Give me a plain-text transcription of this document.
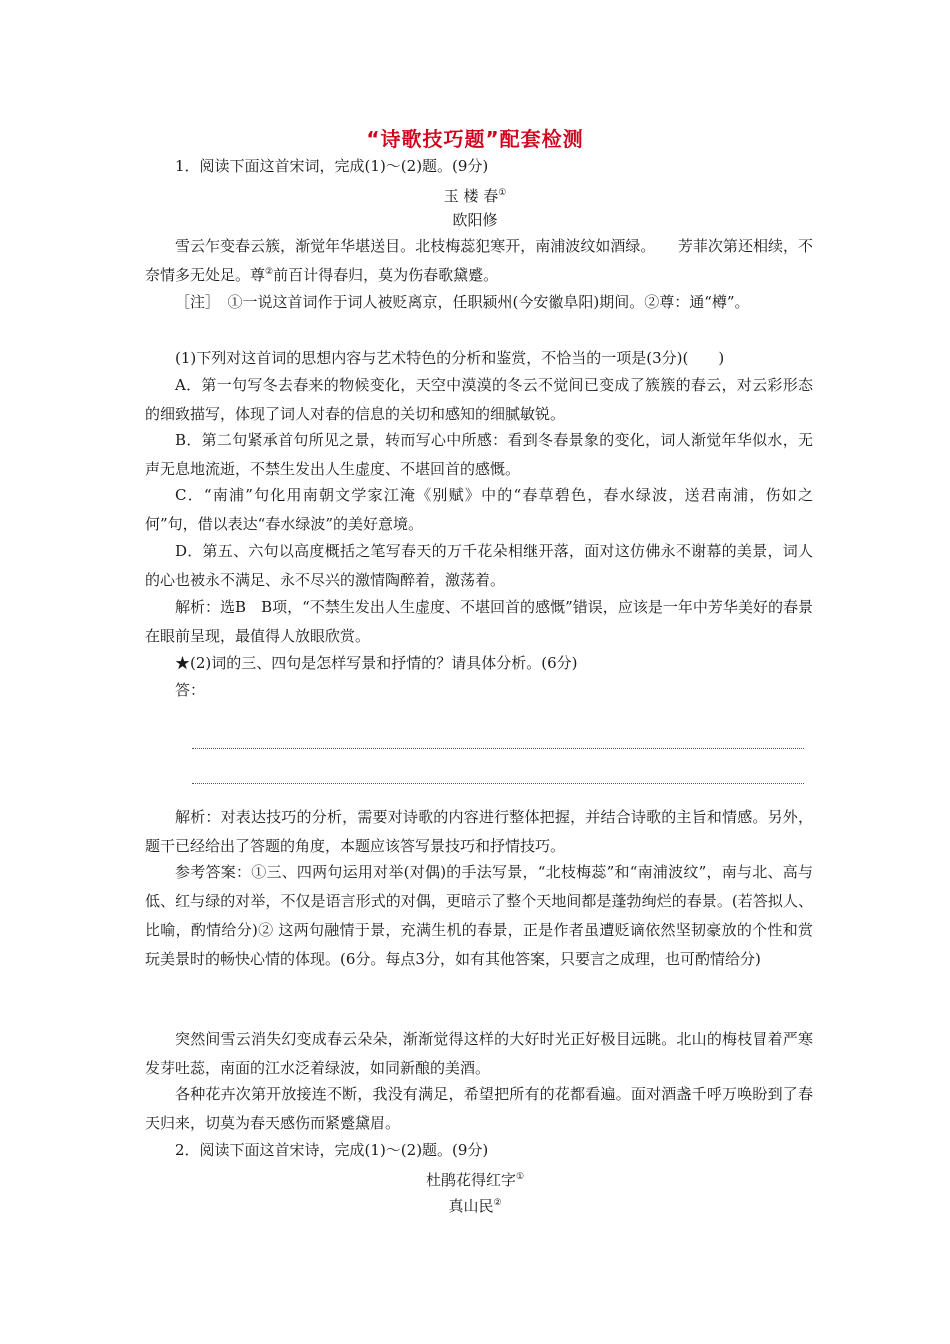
“诗歌技巧题”配套检测

1．阅读下面这首宋词，完成(1)～(2)题。(9分)

玉 楼 春①
欧阳修

雪云乍变春云簇，渐觉年华堪送目。北枝梅蕊犯寒开，南浦波纹如酒绿。　　芳菲次第还相续，不奈情多无处足。尊②前百计得春归，莫为伤春歌黛蹙。

［注］　①一说这首词作于词人被贬离京，任职颍州(今安徽阜阳)期间。②尊：通“樽”。

(1)下列对这首词的思想内容与艺术特色的分析和鉴赏，不恰当的一项是(3分)(　　)

A．第一句写冬去春来的物候变化，天空中漠漠的冬云不觉间已变成了簇簇的春云，对云彩形态的细致描写，体现了词人对春的信息的关切和感知的细腻敏锐。

B．第二句紧承首句所见之景，转而写心中所感：看到冬春景象的变化，词人渐觉年华似水，无声无息地流逝，不禁生发出人生虚度、不堪回首的感慨。

C．“南浦”句化用南朝文学家江淹《别赋》中的“春草碧色，春水绿波，送君南浦，伤如之何”句，借以表达“春水绿波”的美好意境。

D．第五、六句以高度概括之笔写春天的万千花朵相继开落，面对这仿佛永不谢幕的美景，词人的心也被永不满足、永不尽兴的激情陶醉着，激荡着。

解析：选B　B项，“不禁生发出人生虚度、不堪回首的感慨”错误，应该是一年中芳华美好的春景在眼前呈现，最值得人放眼欣赏。

★(2)词的三、四句是怎样写景和抒情的？请具体分析。(6分)

答：

解析：对表达技巧的分析，需要对诗歌的内容进行整体把握，并结合诗歌的主旨和情感。另外，题干已经给出了答题的角度，本题应该答写景技巧和抒情技巧。

参考答案：①三、四两句运用对举(对偶)的手法写景，“北枝梅蕊”和“南浦波纹”，南与北、高与低、红与绿的对举，不仅是语言形式的对偶，更暗示了整个天地间都是蓬勃绚烂的春景。(若答拟人、比喻，酌情给分)② 这两句融情于景，充满生机的春景，正是作者虽遭贬谪依然坚韧豪放的个性和赏玩美景时的畅快心情的体现。(6分。每点3分，如有其他答案，只要言之成理，也可酌情给分)

突然间雪云消失幻变成春云朵朵，渐渐觉得这样的大好时光正好极目远眺。北山的梅枝冒着严寒发芽吐蕊，南面的江水泛着绿波，如同新酿的美酒。

各种花卉次第开放接连不断，我没有满足，希望把所有的花都看遍。面对酒盏千呼万唤盼到了春天归来，切莫为春天感伤而紧蹙黛眉。

2．阅读下面这首宋诗，完成(1)～(2)题。(9分)

杜鹃花得红字①
真山民②
